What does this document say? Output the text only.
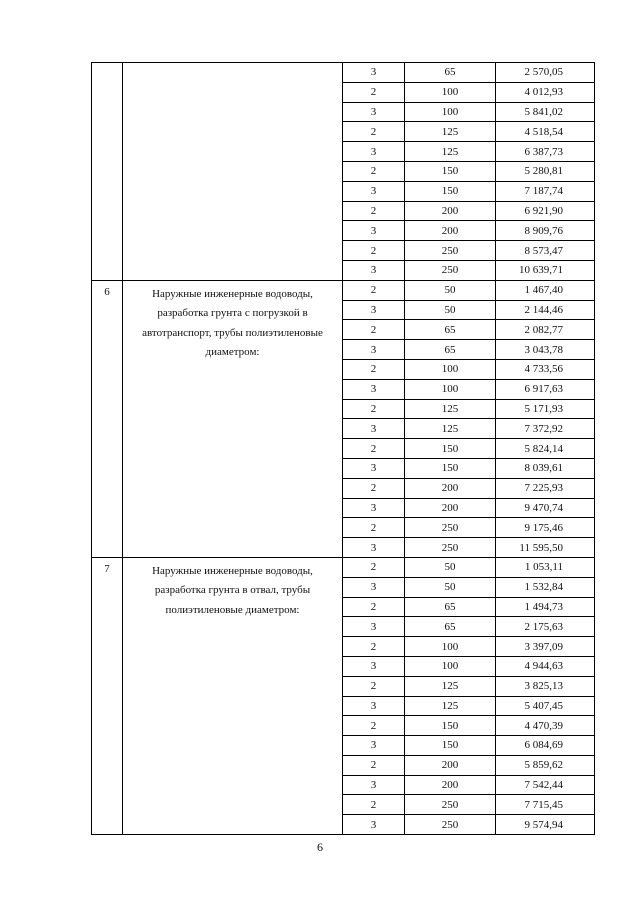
		3	65	2 570,05
		2	100	4 012,93
		3	100	5 841,02
		2	125	4 518,54
		3	125	6 387,73
		2	150	5 280,81
		3	150	7 187,74
		2	200	6 921,90
		3	200	8 909,76
		2	250	8 573,47
		3	250	10 639,71
6	Наружные инженерные водоводы, разработка грунта с погрузкой в автотранспорт, трубы полиэтиленовые диаметром:	2	50	1 467,40
		3	50	2 144,46
		2	65	2 082,77
		3	65	3 043,78
		2	100	4 733,56
		3	100	6 917,63
		2	125	5 171,93
		3	125	7 372,92
		2	150	5 824,14
		3	150	8 039,61
		2	200	7 225,93
		3	200	9 470,74
		2	250	9 175,46
		3	250	11 595,50
7	Наружные инженерные водоводы, разработка грунта в отвал, трубы полиэтиленовые диаметром:	2	50	1 053,11
		3	50	1 532,84
		2	65	1 494,73
		3	65	2 175,63
		2	100	3 397,09
		3	100	4 944,63
		2	125	3 825,13
		3	125	5 407,45
		2	150	4 470,39
		3	150	6 084,69
		2	200	5 859,62
		3	200	7 542,44
		2	250	7 715,45
		3	250	9 574,94
6
